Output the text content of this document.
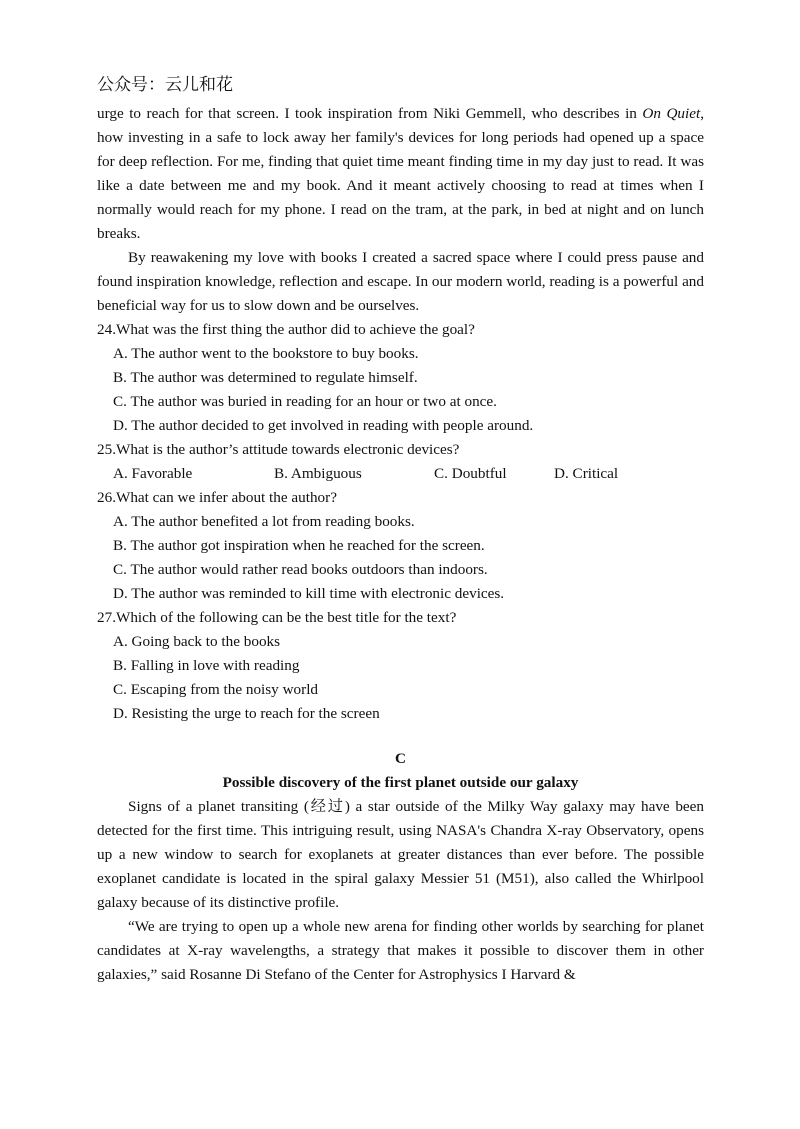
公众号：云儿和花

urge to reach for that screen. I took inspiration from Niki Gemmell, who describes in On Quiet, how investing in a safe to lock away her family's devices for long periods had opened up a space for deep reflection. For me, finding that quiet time meant finding time in my day just to read. It was like a date between me and my book. And it meant actively choosing to read at times when I normally would reach for my phone. I read on the tram, at the park, in bed at night and on lunch breaks.

By reawakening my love with books I created a sacred space where I could press pause and found inspiration knowledge, reflection and escape. In our modern world, reading is a powerful and beneficial way for us to slow down and be ourselves.

24.What was the first thing the author did to achieve the goal?
A. The author went to the bookstore to buy books.
B. The author was determined to regulate himself.
C. The author was buried in reading for an hour or two at once.
D. The author decided to get involved in reading with people around.
25.What is the author’s attitude towards electronic devices?
A. Favorable	B. Ambiguous	C. Doubtful	D. Critical
26.What can we infer about the author?
A. The author benefited a lot from reading books.
B. The author got inspiration when he reached for the screen.
C. The author would rather read books outdoors than indoors.
D. The author was reminded to kill time with electronic devices.
27.Which of the following can be the best title for the text?
A. Going back to the books
B. Falling in love with reading
C. Escaping from the noisy world
D. Resisting the urge to reach for the screen
C
Possible discovery of the first planet outside our galaxy

Signs of a planet transiting (经过) a star outside of the Milky Way galaxy may have been detected for the first time. This intriguing result, using NASA's Chandra X-ray Observatory, opens up a new window to search for exoplanets at greater distances than ever before. The possible exoplanet candidate is located in the spiral galaxy Messier 51 (M51), also called the Whirlpool galaxy because of its distinctive profile.

“We are trying to open up a whole new arena for finding other worlds by searching for planet candidates at X-ray wavelengths, a strategy that makes it possible to discover them in other galaxies,” said Rosanne Di Stefano of the Center for Astrophysics I Harvard &
